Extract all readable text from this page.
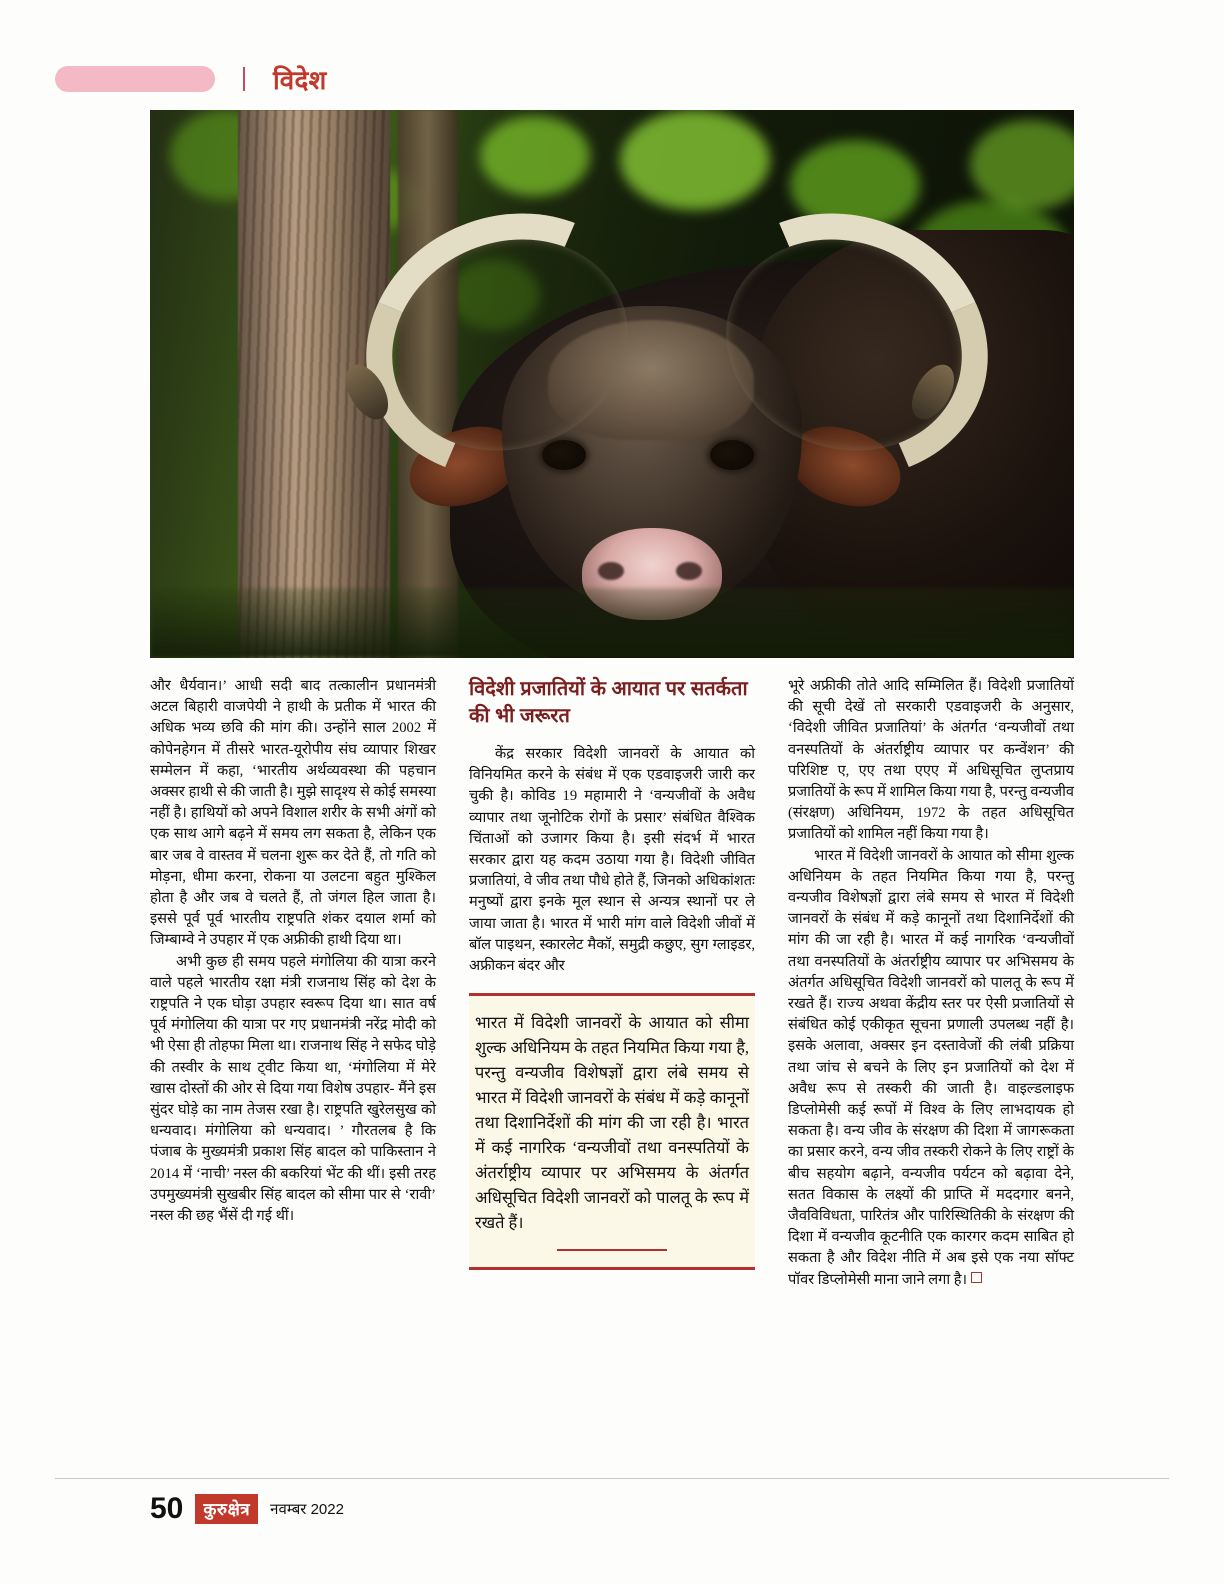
विदेश

और धैर्यवान।’ आधी सदी बाद तत्कालीन प्रधानमंत्री अटल बिहारी वाजपेयी ने हाथी के प्रतीक में भारत की अधिक भव्य छवि की मांग की। उन्होंने साल 2002 में कोपेनहेगन में तीसरे भारत-यूरोपीय संघ व्यापार शिखर सम्मेलन में कहा, ‘भारतीय अर्थव्यवस्था की पहचान अक्सर हाथी से की जाती है। मुझे सादृश्य से कोई समस्या नहीं है। हाथियों को अपने विशाल शरीर के सभी अंगों को एक साथ आगे बढ़ने में समय लग सकता है, लेकिन एक बार जब वे वास्तव में चलना शुरू कर देते हैं, तो गति को मोड़ना, धीमा करना, रोकना या उलटना बहुत मुश्किल होता है और जब वे चलते हैं, तो जंगल हिल जाता है। इससे पूर्व पूर्व भारतीय राष्ट्रपति शंकर दयाल शर्मा को जिम्बाम्वे ने उपहार में एक अफ्रीकी हाथी दिया था।

अभी कुछ ही समय पहले मंगोलिया की यात्रा करने वाले पहले भारतीय रक्षा मंत्री राजनाथ सिंह को देश के राष्ट्रपति ने एक घोड़ा उपहार स्वरूप दिया था। सात वर्ष पूर्व मंगोलिया की यात्रा पर गए प्रधानमंत्री नरेंद्र मोदी को भी ऐसा ही तोहफा मिला था। राजनाथ सिंह ने सफेद घोड़े की तस्वीर के साथ ट्वीट किया था, ‘मंगोलिया में मेरे खास दोस्तों की ओर से दिया गया विशेष उपहार- मैंने इस सुंदर घोड़े का नाम तेजस रखा है। राष्ट्रपति खुरेलसुख को धन्यवाद। मंगोलिया को धन्यवाद। ’ गौरतलब है कि पंजाब के मुख्यमंत्री प्रकाश सिंह बादल को पाकिस्तान ने 2014 में ‘नाची’ नस्ल की बकरियां भेंट की थीं। इसी तरह उपमुख्यमंत्री सुखबीर सिंह बादल को सीमा पार से ‘रावी’ नस्ल की छह भैंसें दी गई थीं।

विदेशी प्रजातियों के आयात पर सतर्कता की भी जरूरत

केंद्र सरकार विदेशी जानवरों के आयात को विनियमित करने के संबंध में एक एडवाइजरी जारी कर चुकी है। कोविड 19 महामारी ने ‘वन्यजीवों के अवैध व्यापार तथा जूनोटिक रोगों के प्रसार’ संबंधित वैश्विक चिंताओं को उजागर किया है। इसी संदर्भ में भारत सरकार द्वारा यह कदम उठाया गया है। विदेशी जीवित प्रजातियां, वे जीव तथा पौधे होते हैं, जिनको अधिकांशतः मनुष्यों द्वारा इनके मूल स्थान से अन्यत्र स्थानों पर ले जाया जाता है। भारत में भारी मांग वाले विदेशी जीवों में बॉल पाइथन, स्कारलेट मैकॉ, समुद्री कछुए, सुग ग्लाइडर, अफ्रीकन बंदर और

भारत में विदेशी जानवरों के आयात को सीमा शुल्क अधिनियम के तहत नियमित किया गया है, परन्तु वन्यजीव विशेषज्ञों द्वारा लंबे समय से भारत में विदेशी जानवरों के संबंध में कड़े कानूनों तथा दिशानिर्देशों की मांग की जा रही है। भारत में कई नागरिक ‘वन्यजीवों तथा वनस्पतियों के अंतर्राष्ट्रीय व्यापार पर अभिसमय के अंतर्गत अधिसूचित विदेशी जानवरों को पालतू के रूप में रखते हैं।

भूरे अफ्रीकी तोते आदि सम्मिलित हैं। विदेशी प्रजातियों की सूची देखें तो सरकारी एडवाइजरी के अनुसार, ‘विदेशी जीवित प्रजातियां’ के अंतर्गत ‘वन्यजीवों तथा वनस्पतियों के अंतर्राष्ट्रीय व्यापार पर कन्वेंशन’ की परिशिष्ट ए, एए तथा एएए में अधिसूचित लुप्तप्राय प्रजातियों के रूप में शामिल किया गया है, परन्तु वन्यजीव (संरक्षण) अधिनियम, 1972 के तहत अधिसूचित प्रजातियों को शामिल नहीं किया गया है।

भारत में विदेशी जानवरों के आयात को सीमा शुल्क अधिनियम के तहत नियमित किया गया है, परन्तु वन्यजीव विशेषज्ञों द्वारा लंबे समय से भारत में विदेशी जानवरों के संबंध में कड़े कानूनों तथा दिशानिर्देशों की मांग की जा रही है। भारत में कई नागरिक ‘वन्यजीवों तथा वनस्पतियों के अंतर्राष्ट्रीय व्यापार पर अभिसमय के अंतर्गत अधिसूचित विदेशी जानवरों को पालतू के रूप में रखते हैं। राज्य अथवा केंद्रीय स्तर पर ऐसी प्रजातियों से संबंधित कोई एकीकृत सूचना प्रणाली उपलब्ध नहीं है। इसके अलावा, अक्सर इन दस्तावेजों की लंबी प्रक्रिया तथा जांच से बचने के लिए इन प्रजातियों को देश में अवैध रूप से तस्करी की जाती है। वाइल्डलाइफ डिप्लोमेसी कई रूपों में विश्व के लिए लाभदायक हो सकता है। वन्य जीव के संरक्षण की दिशा में जागरूकता का प्रसार करने, वन्य जीव तस्करी रोकने के लिए राष्ट्रों के बीच सहयोग बढ़ाने, वन्यजीव पर्यटन को बढ़ावा देने, सतत विकास के लक्ष्यों की प्राप्ति में मददगार बनने, जैवविविधता, पारितंत्र और पारिस्थितिकी के संरक्षण की दिशा में वन्यजीव कूटनीति एक कारगर कदम साबित हो सकता है और विदेश नीति में अब इसे एक नया सॉफ्ट पॉवर डिप्लोमेसी माना जाने लगा है।

50	कुरुक्षेत्र	नवम्बर 2022
